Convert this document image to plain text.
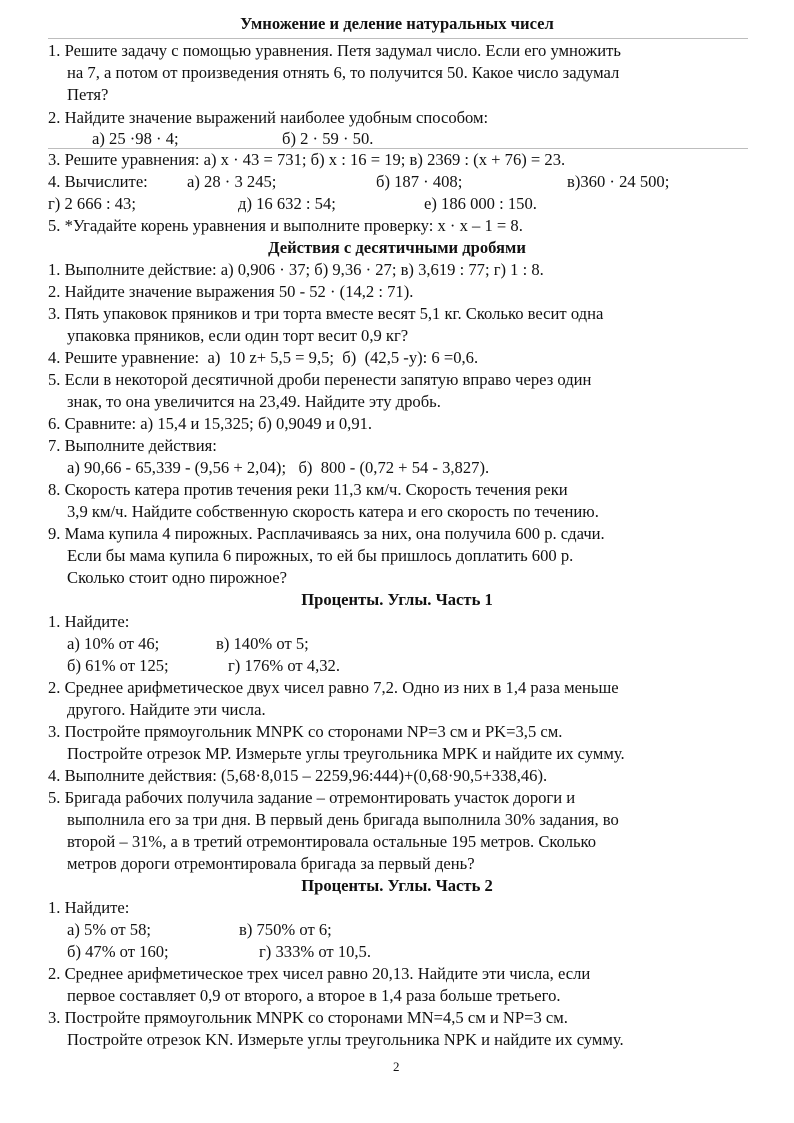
Умножение и деление натуральных чисел
1. Решите задачу с помощью уравнения. Петя задумал число. Если его умножить
на 7, а потом от произведения отнять 6, то получится 50. Какое число задумал
Петя?
2. Найдите значение выражений наиболее удобным способом:
а) 25 ·98 · 4;	б) 2 · 59 · 50.
3. Решите уравнения: а) x · 43 = 731; б) x : 16 = 19; в) 2369 : (x + 76) = 23.
4. Вычислите: а) 28 · 3 245;	б) 187 · 408;	в)360 · 24 500;
г) 2 666 : 43;	д) 16 632 : 54;	е) 186 000 : 150.
5. *Угадайте корень уравнения и выполните проверку: x · x – 1 = 8.
Действия с десятичными дробями
1. Выполните действие: а) 0,906 · 37; б) 9,36 · 27; в) 3,619 : 77; г) 1 : 8.
2. Найдите значение выражения 50 - 52 · (14,2 : 71).
3. Пять упаковок пряников и три торта вместе весят 5,1 кг. Сколько весит одна
упаковка пряников, если один торт весит 0,9 кг?
4. Решите уравнение:  а)  10 z+ 5,5 = 9,5;  б)  (42,5 -у): 6 =0,6.
5. Если в некоторой десятичной дроби перенести запятую вправо через один
знак, то она увеличится на 23,49. Найдите эту дробь.
6. Сравните: а) 15,4 и 15,325; б) 0,9049 и 0,91.
7. Выполните действия:
а) 90,66 - 65,339 - (9,56 + 2,04);   б)  800 - (0,72 + 54 - 3,827).
8. Скорость катера против течения реки 11,3 км/ч. Скорость течения реки
3,9 км/ч. Найдите собственную скорость катера и его скорость по течению.
9. Мама купила 4 пирожных. Расплачиваясь за них, она получила 600 р. сдачи.
Если бы мама купила 6 пирожных, то ей бы пришлось доплатить 600 р.
Сколько стоит одно пирожное?
Проценты. Углы. Часть 1
1. Найдите:
а) 10% от 46;	в) 140% от 5;
б) 61% от 125;	г) 176% от 4,32.
2. Среднее арифметическое двух чисел равно 7,2. Одно из них в 1,4 раза меньше
другого. Найдите эти числа.
3. Постройте прямоугольник MNPK со сторонами NP=3 см и PK=3,5 см.
Постройте отрезок MP. Измерьте углы треугольника MPK и найдите их сумму.
4. Выполните действия: (5,68·8,015 – 2259,96:444)+(0,68·90,5+338,46).
5. Бригада рабочих получила задание – отремонтировать участок дороги и
выполнила его за три дня. В первый день бригада выполнила 30% задания, во
второй – 31%, а в третий отремонтировала остальные 195 метров. Сколько
метров дороги отремонтировала бригада за первый день?
Проценты. Углы. Часть 2
1. Найдите:
а) 5% от 58;	в) 750% от 6;
б) 47% от 160;	г) 333% от 10,5.
2. Среднее арифметическое трех чисел равно 20,13. Найдите эти числа, если
первое составляет 0,9 от второго, а второе в 1,4 раза больше третьего.
3. Постройте прямоугольник MNPK со сторонами MN=4,5 см и NP=3 см.
Постройте отрезок KN. Измерьте углы треугольника NPK и найдите их сумму.
2
